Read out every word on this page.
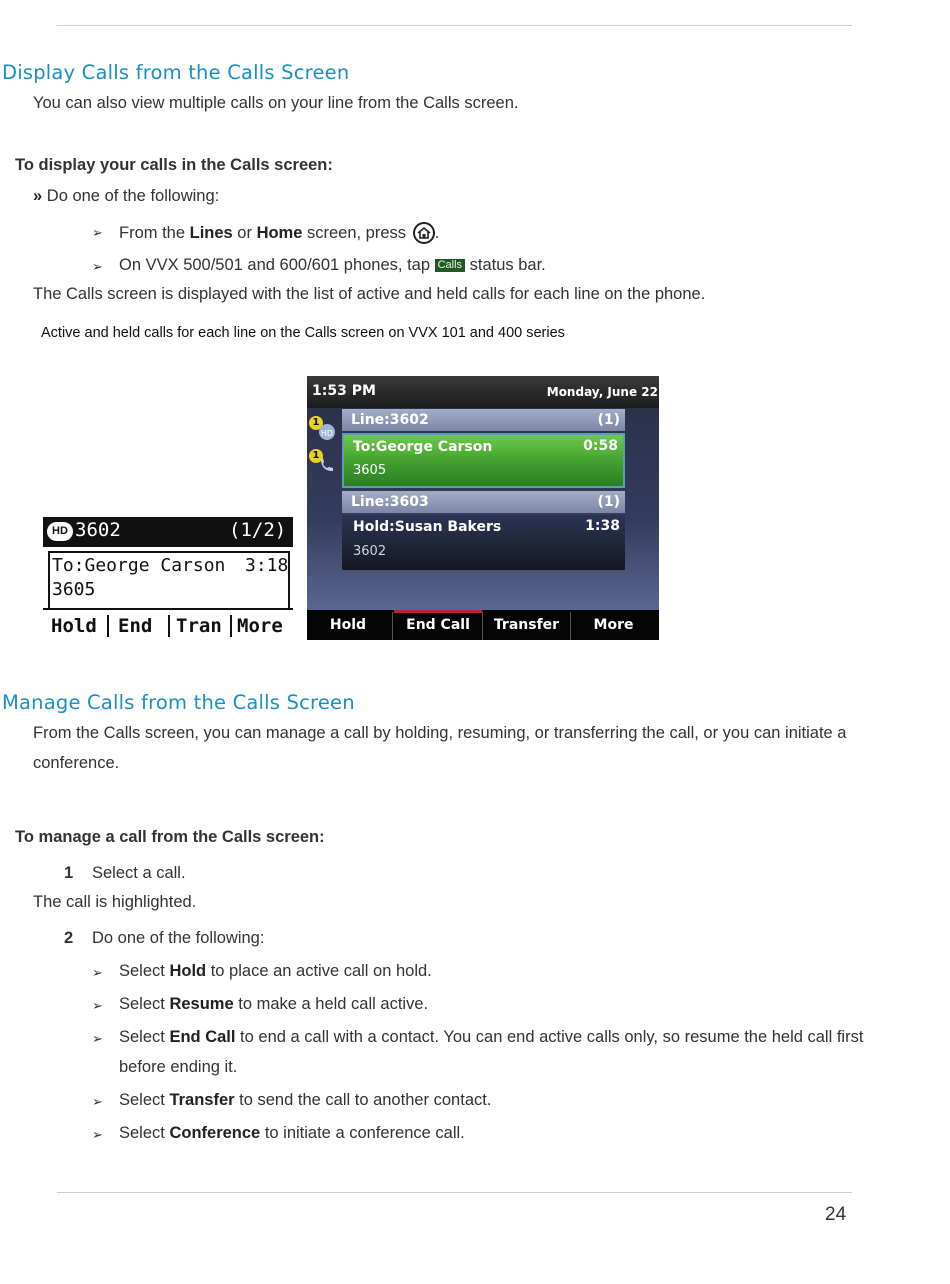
Display Calls from the Calls Screen
You can also view multiple calls on your line from the Calls screen.
To display your calls in the Calls screen:
» Do one of the following:
➢ From the Lines or Home screen, press .
➢ On VVX 500/501 and 600/601 phones, tap Calls status bar.
The Calls screen is displayed with the list of active and held calls for each line on the phone.
Active and held calls for each line on the Calls screen on VVX 101 and 400 series
HD 3602	(1/2)
To:George Carson 3:18
3605
Hold End Tran More
1:53 PM	Monday, June 22
1
HD
1
Line:3602	(1)
To:George Carson	0:58
3605
Line:3603	(1)
Hold:Susan Bakers	1:38
3602
Hold	End Call	Transfer	More
Manage Calls from the Calls Screen
From the Calls screen, you can manage a call by holding, resuming, or transferring the call, or you can initiate a conference.
To manage a call from the Calls screen:
1 Select a call.
The call is highlighted.
2 Do one of the following:
➢ Select Hold to place an active call on hold.
➢ Select Resume to make a held call active.
➢ Select End Call to end a call with a contact. You can end active calls only, so resume the held call first before ending it.
➢ Select Transfer to send the call to another contact.
➢ Select Conference to initiate a conference call.
24
